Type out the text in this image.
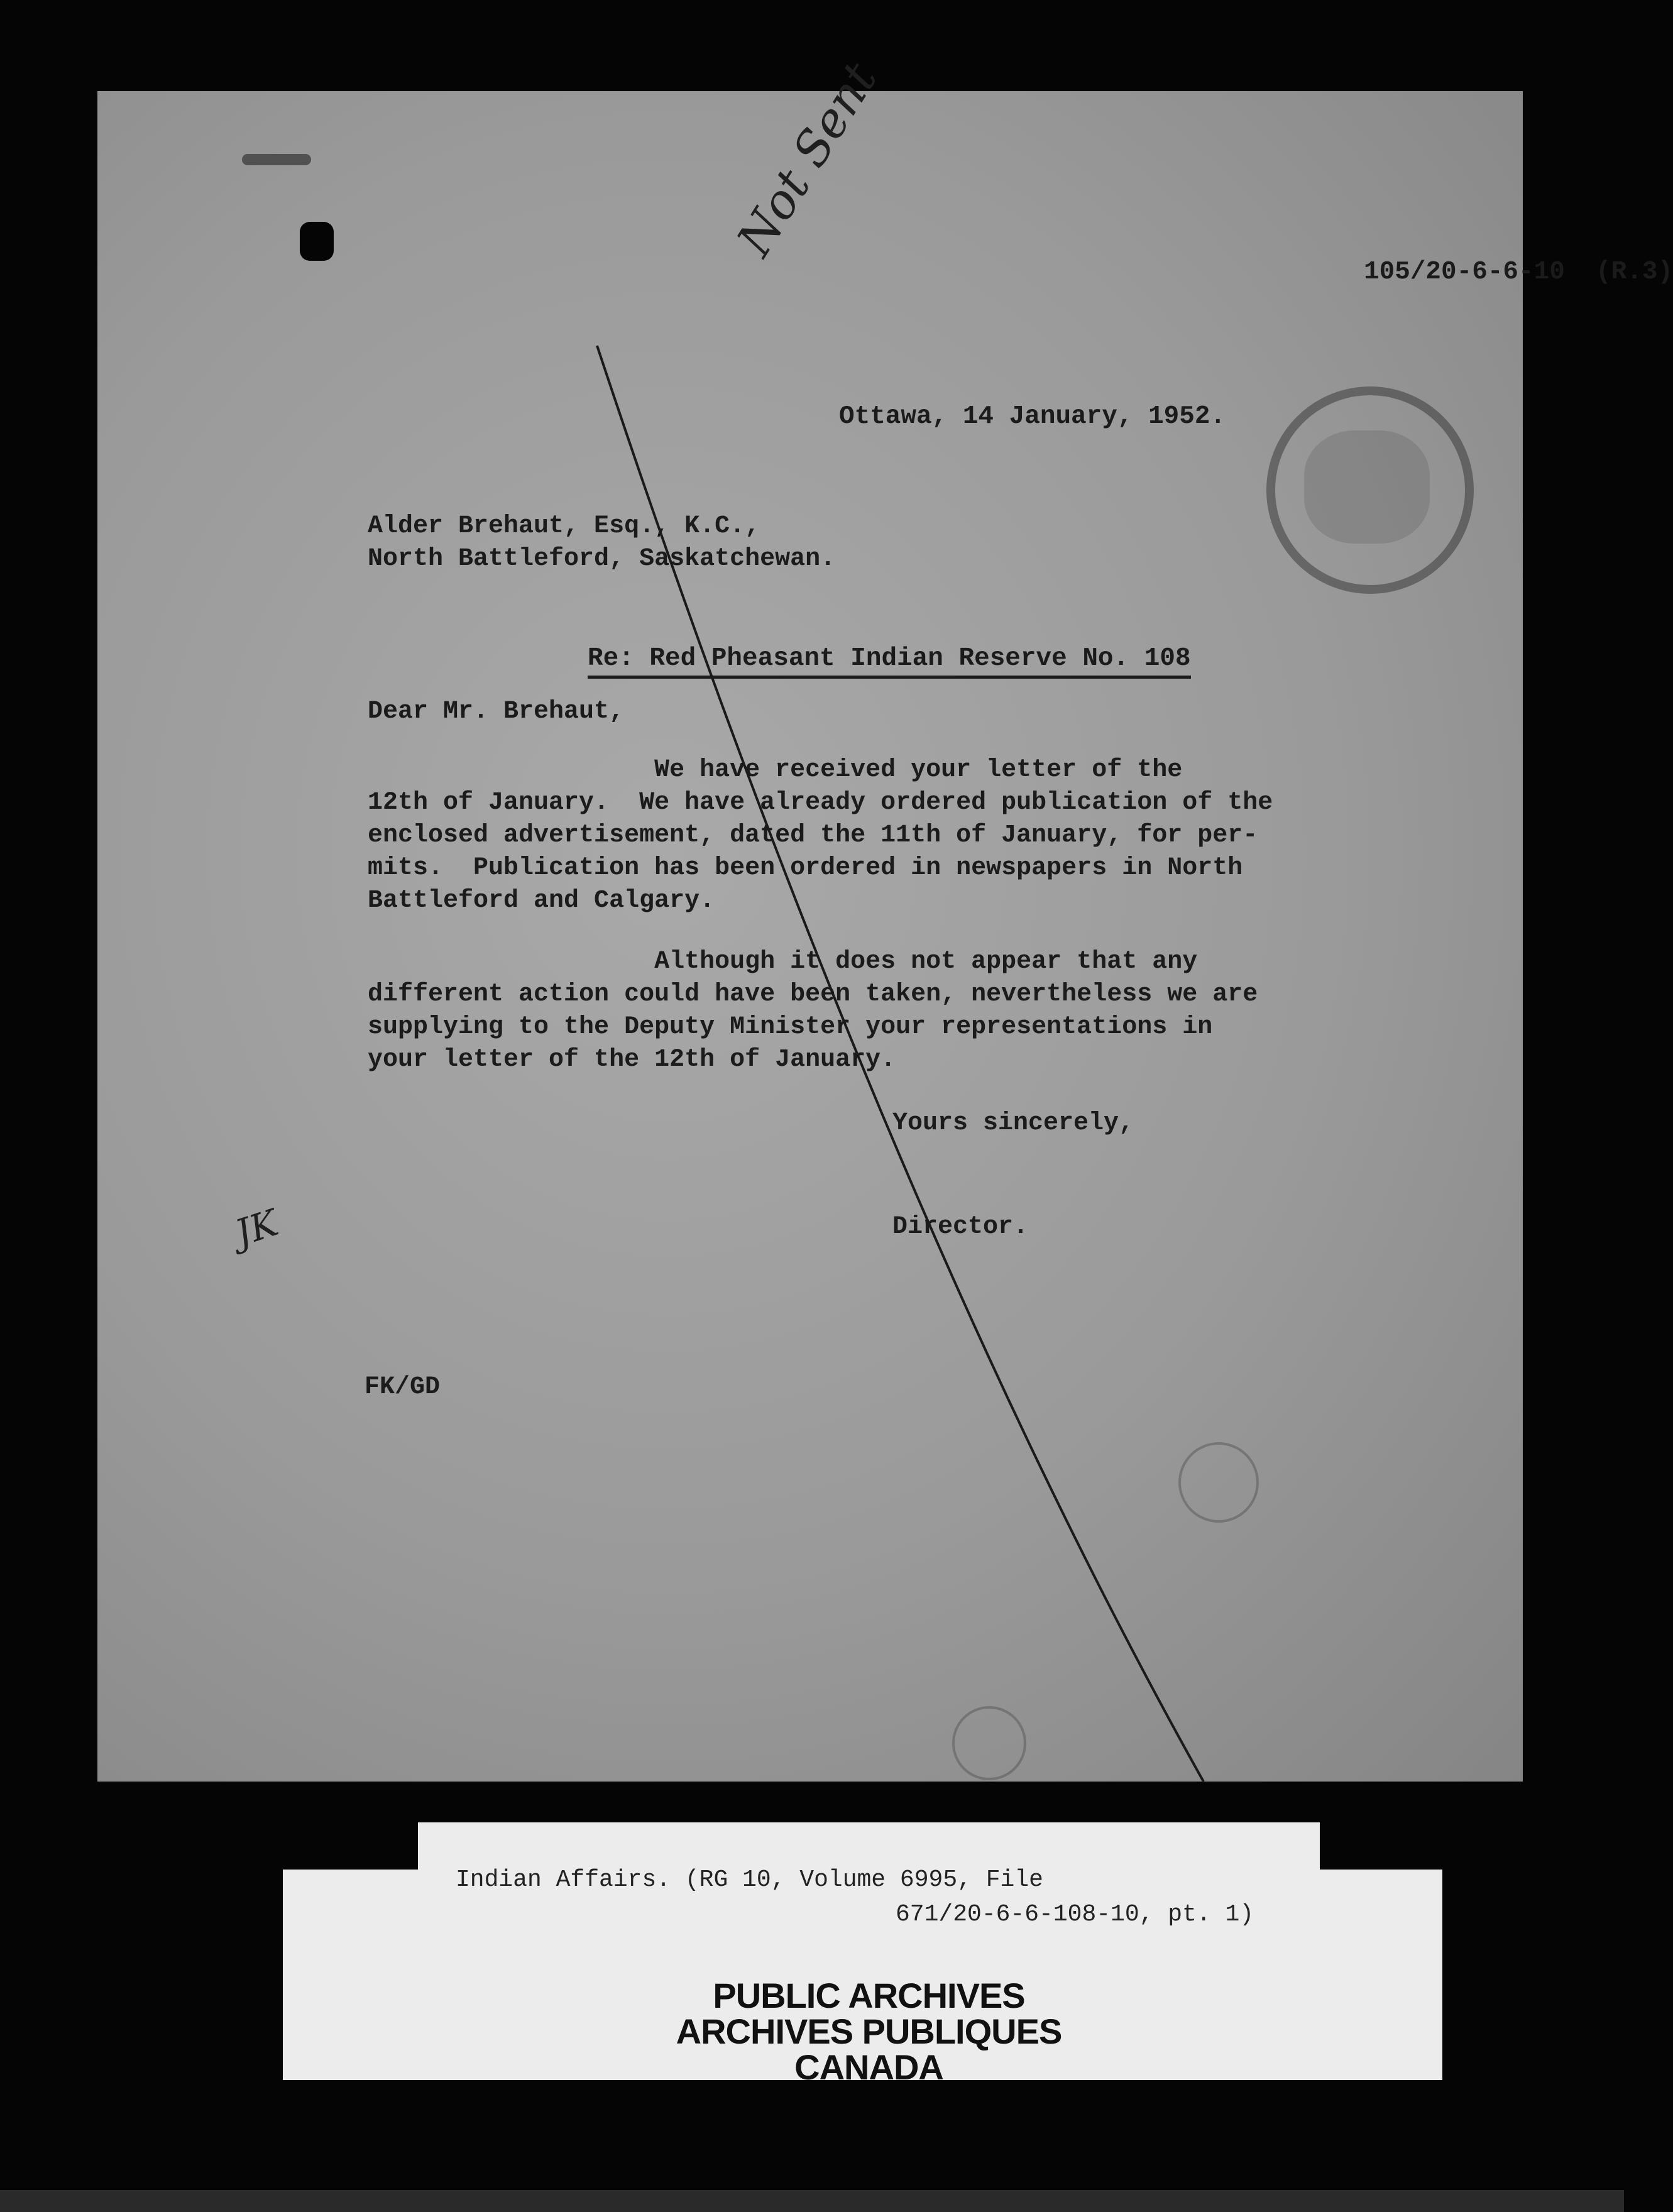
105/20-6-6-10  (R.3)

Ottawa, 14 January, 1952.

Alder Brehaut, Esq., K.C.,

North Battleford, Saskatchewan.

Re: Red Pheasant Indian Reserve No. 108

Dear Mr. Brehaut,

We have received your letter of the
12th of January.  We have already ordered publication of the
enclosed advertisement, dated the 11th of January, for per-
mits.  Publication has been ordered in newspapers in North
Battleford and Calgary.

Although it does not appear that any
different action could have been taken, nevertheless we are
supplying to the Deputy Minister your representations in
your letter of the 12th of January.

Yours sincerely,

Director.

FK/GD

Not Sent
JK

Indian Affairs. (RG 10, Volume 6995, File

671/20-6-6-108-10, pt. 1)

PUBLIC ARCHIVES

ARCHIVES PUBLIQUES

CANADA
